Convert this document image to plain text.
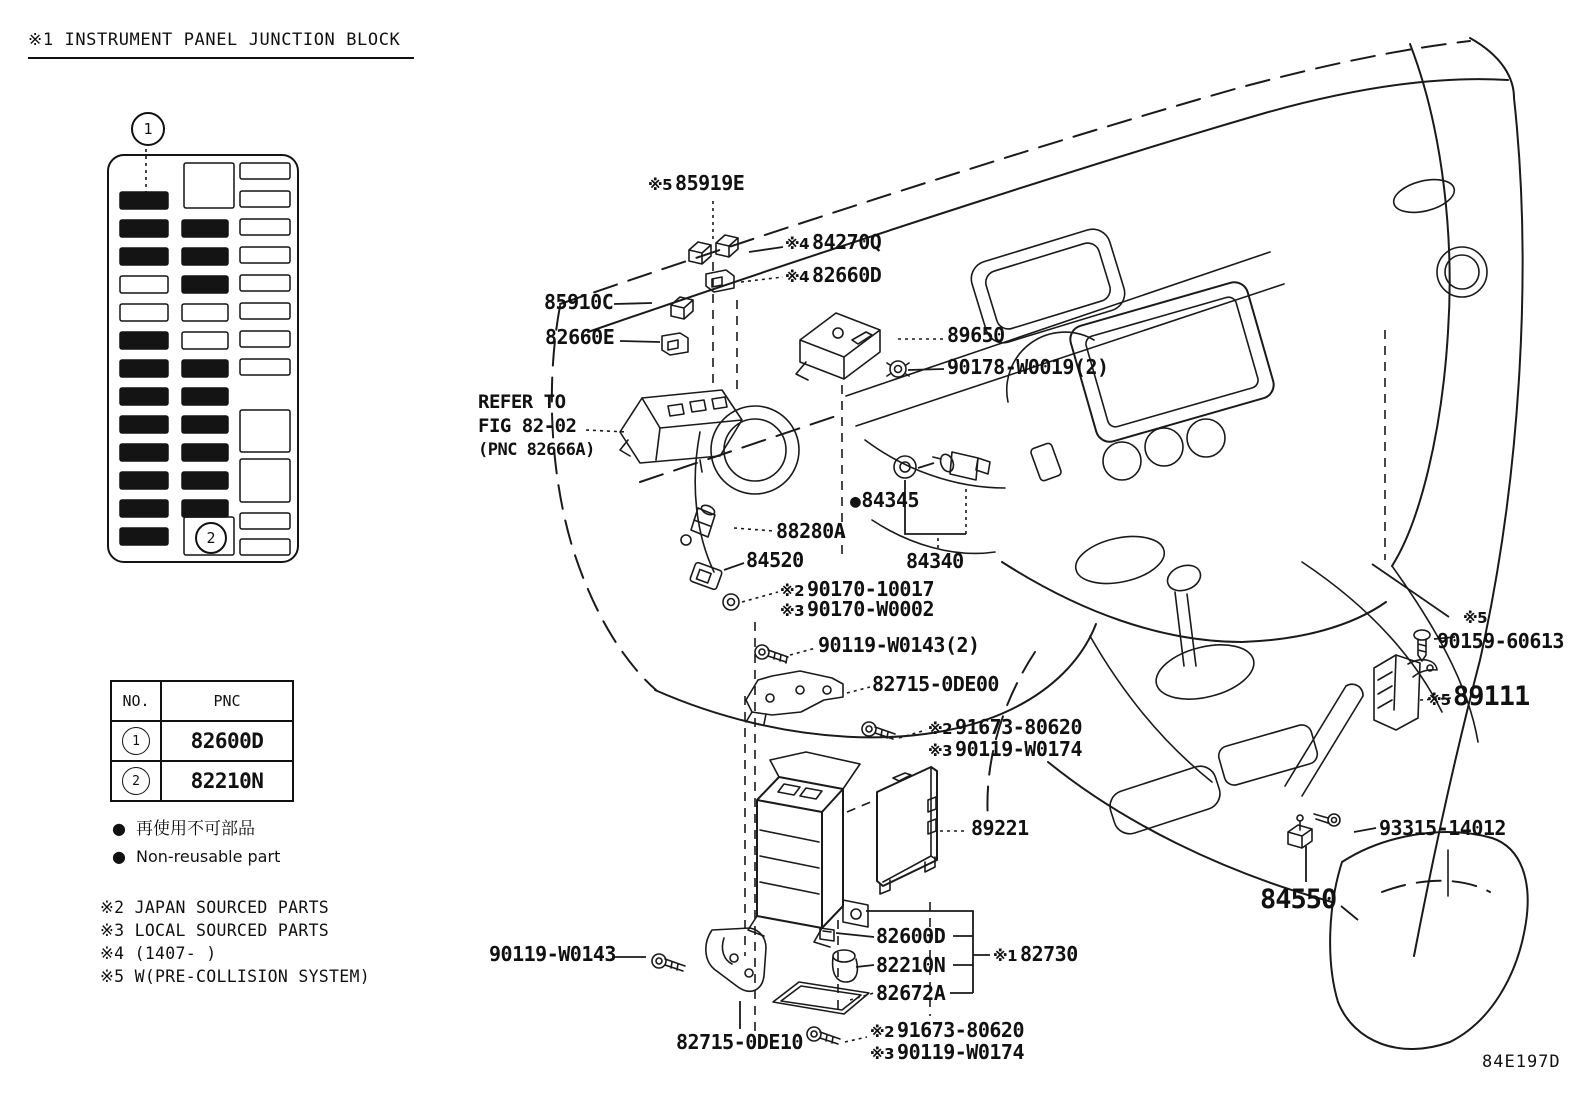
※1 INSTRUMENT PANEL JUNCTION BLOCK
1
2
NO.	PNC
1	82600D
2	82210N
● 再使用不可部品
● Non-reusable part
※2 JAPAN SOURCED PARTS
※3 LOCAL SOURCED PARTS
※4 (1407- )
※5 W(PRE-COLLISION SYSTEM)
REFER TO
FIG 82-02
(PNC 82666A)
※5 85919E
※4 84270Q
※4 82660D
85910C
82660E	89650
90178-W0019(2)
●84345
88280A
84520	84340
※2 90170-10017
※3 90170-W0002
90119-W0143(2)
82715-0DE00
※2 91673-80620
※3 90119-W0174
89221
82600D
82210N
82672A
※1 82730
90119-W0143
82715-0DE10	※2 91673-80620
※3 90119-W0174
※5
90159-60613
※5 89111
93315-14012
84550
84E197D
